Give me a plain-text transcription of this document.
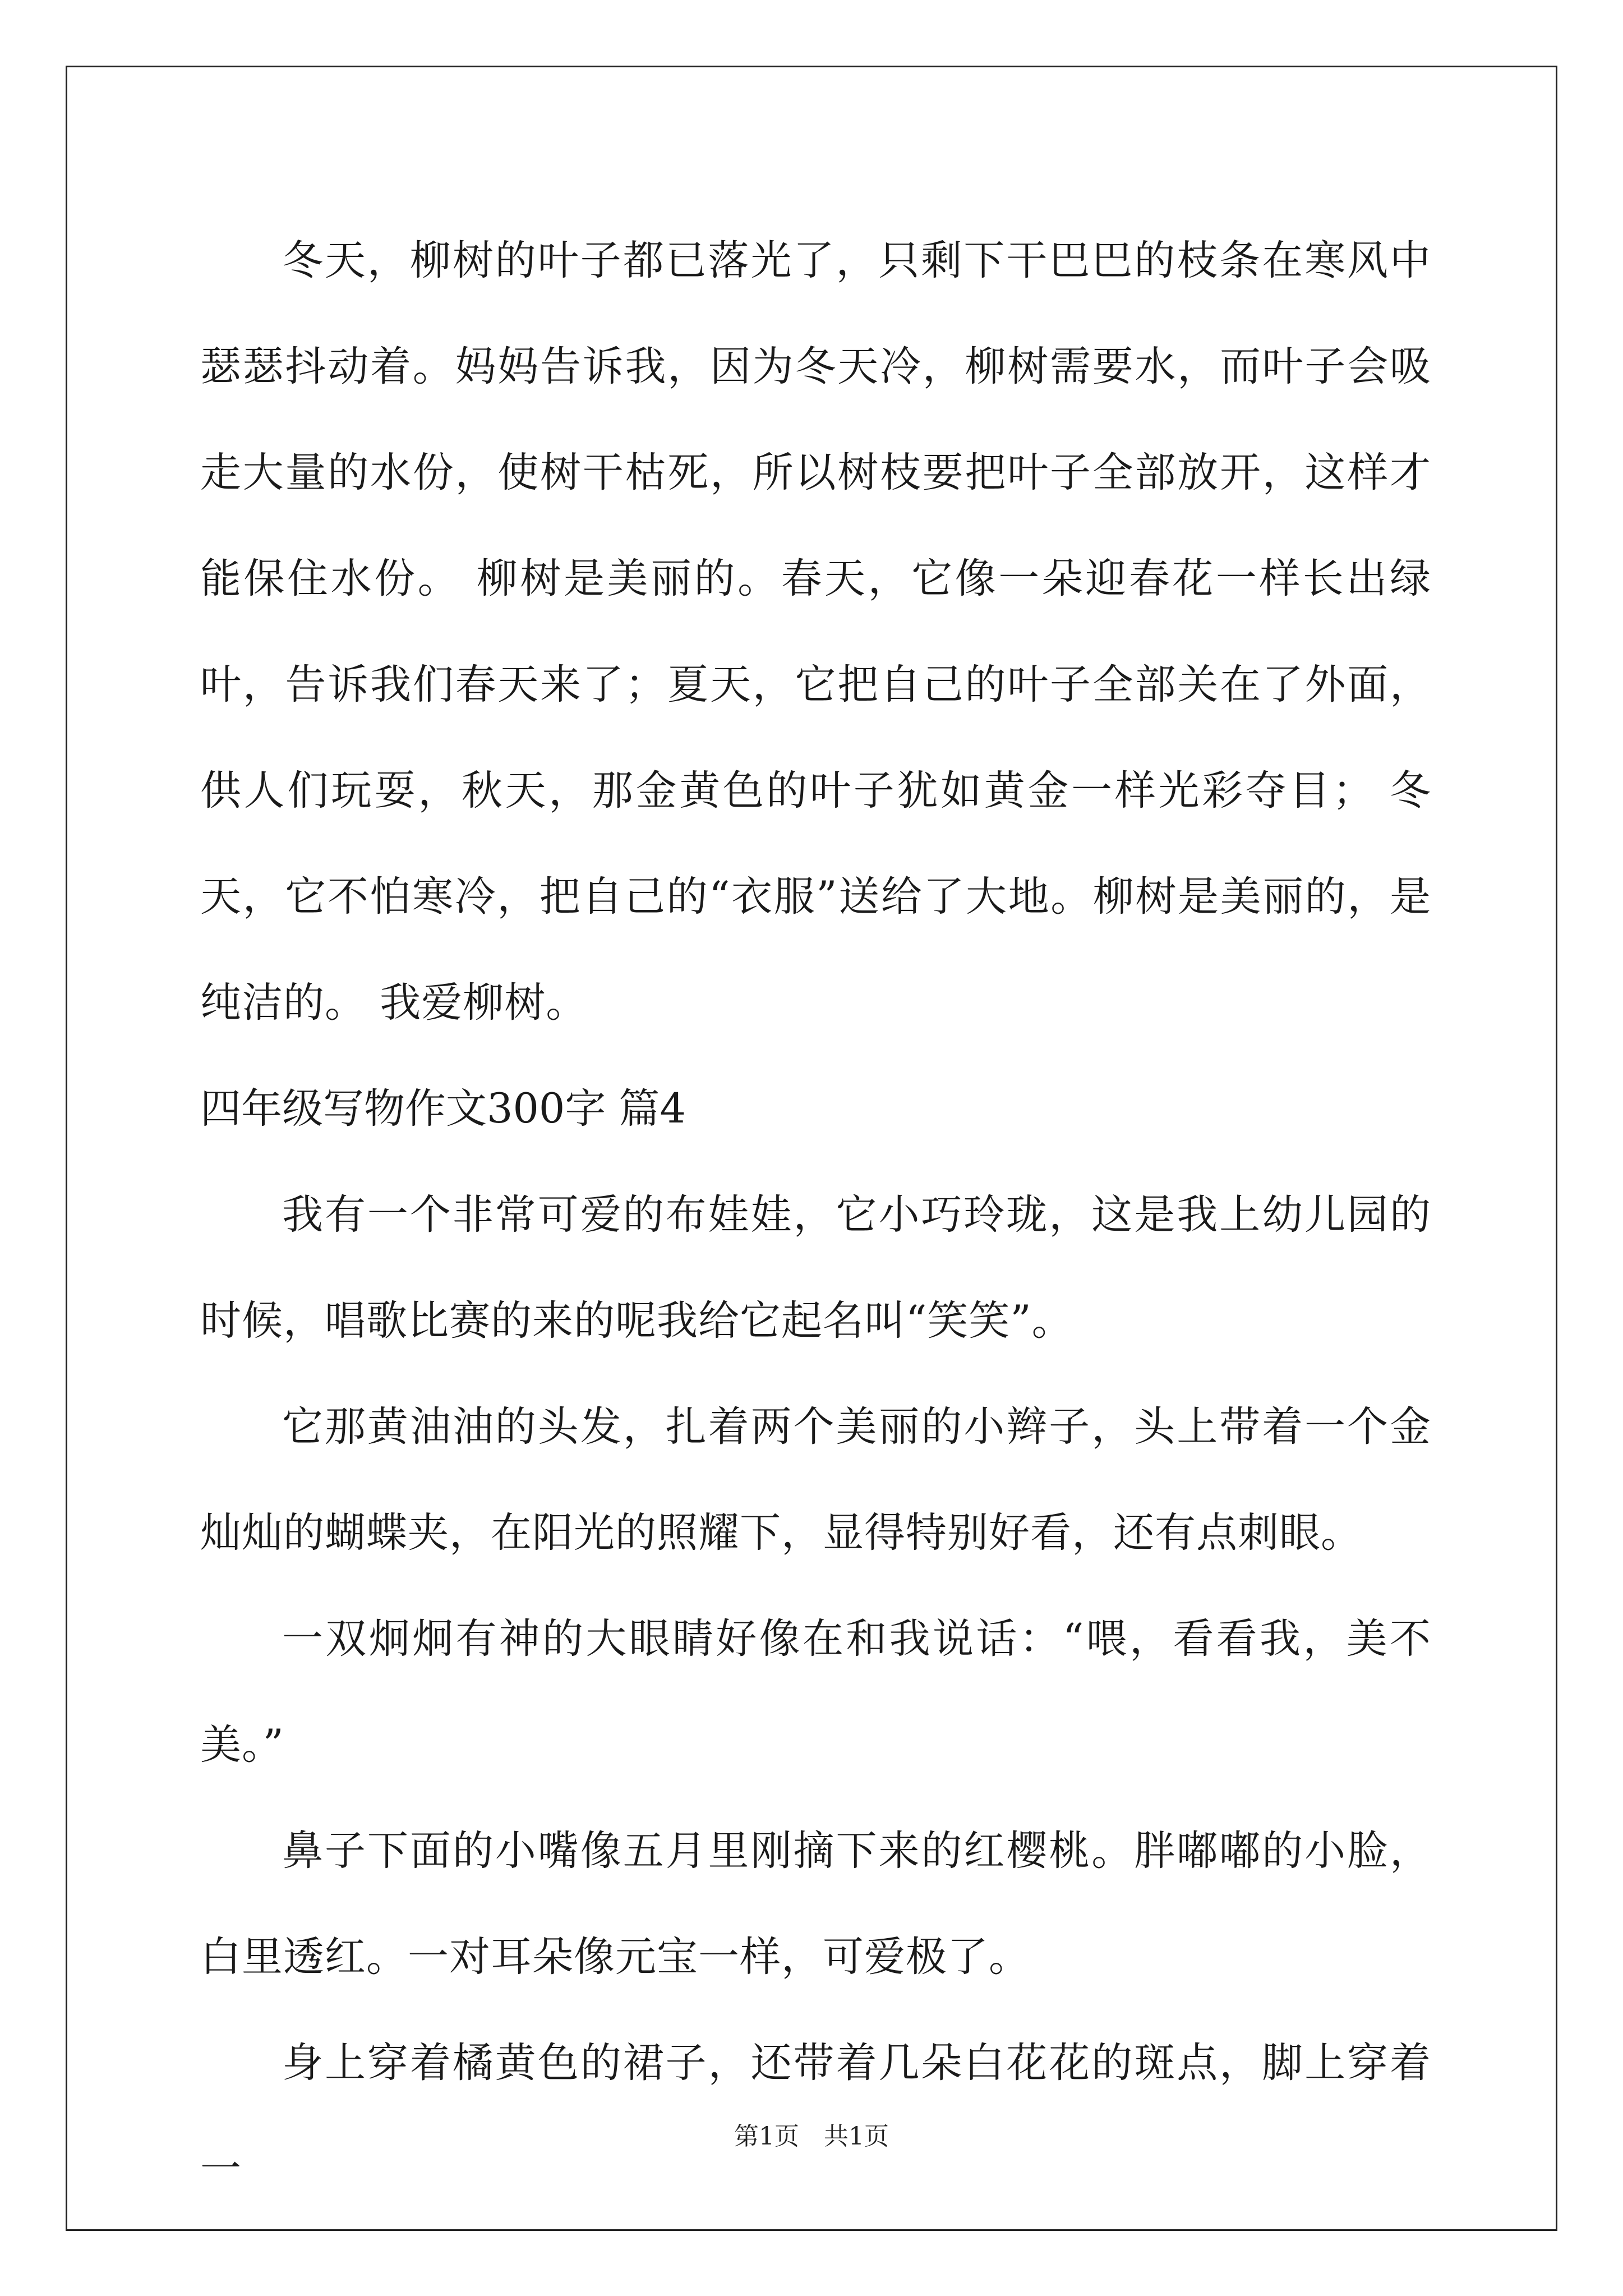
冬天，柳树的叶子都已落光了，只剩下干巴巴的枝条在寒风中瑟瑟抖动着。妈妈告诉我，因为冬天冷，柳树需要水，而叶子会吸走大量的水份，使树干枯死，所以树枝要把叶子全部放开，这样才能保住水份。 柳树是美丽的。春天，它像一朵迎春花一样长出绿叶，告诉我们春天来了；夏天，它把自己的叶子全部关在了外面，供人们玩耍，秋天，那金黄色的叶子犹如黄金一样光彩夺目； 冬天，它不怕寒冷，把自己的“衣服”送给了大地。柳树是美丽的，是纯洁的。 我爱柳树。

四年级写物作文300字 篇4

我有一个非常可爱的布娃娃，它小巧玲珑，这是我上幼儿园的时候，唱歌比赛的来的呢我给它起名叫“笑笑”。

它那黄油油的头发，扎着两个美丽的小辫子，头上带着一个金灿灿的蝴蝶夹，在阳光的照耀下，显得特别好看，还有点刺眼。

一双炯炯有神的大眼睛好像在和我说话：“喂，看看我，美不美。”

鼻子下面的小嘴像五月里刚摘下来的红樱桃。胖嘟嘟的小脸，白里透红。一对耳朵像元宝一样，可爱极了。

身上穿着橘黄色的裙子，还带着几朵白花花的斑点，脚上穿着一

第1页　共1页
